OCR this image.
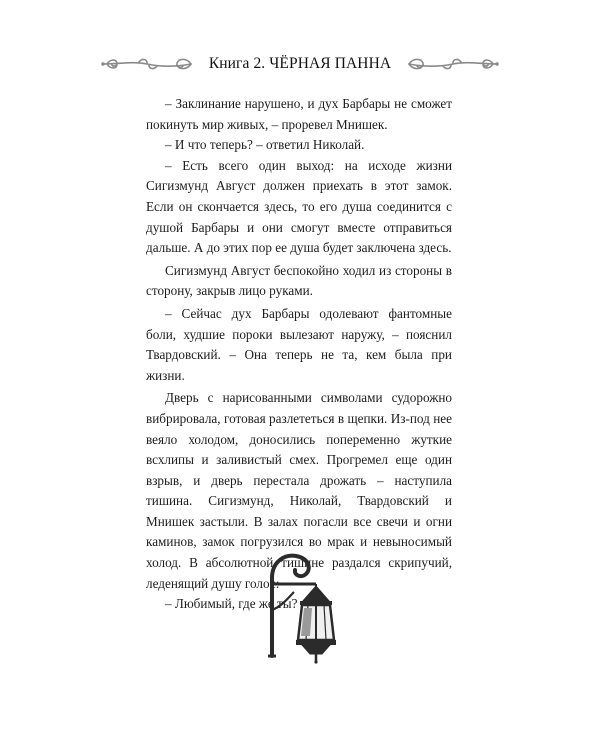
Книга 2. ЧЁРНАЯ ПАННА

– Заклинание нарушено, и дух Барбары не сможет покинуть мир живых, – проревел Мнишек.

– И что теперь? – ответил Николай.

– Есть всего один выход: на исходе жизни Сигизмунд Август должен приехать в этот замок. Если он скончается здесь, то его душа соединится с душой Барбары и они смогут вместе отправиться дальше. А до этих пор ее душа будет заключена здесь.

Сигизмунд Август беспокойно ходил из стороны в сторону, закрыв лицо руками.

– Сейчас дух Барбары одолевают фантомные боли, худшие пороки вылезают наружу, – пояснил Твардовский. – Она теперь не та, кем была при жизни.

Дверь с нарисованными символами судорожно вибрировала, готовая разлететься в щепки. Из-под нее веяло холодом, доносились попеременно жуткие всхлипы и заливистый смех. Прогремел еще один взрыв, и дверь перестала дрожать – наступила тишина. Сигизмунд, Николай, Твардовский и Мнишек застыли. В залах погасли все свечи и огни каминов, замок погрузился во мрак и невыносимый холод. В абсолютной тишине раздался скрипучий, леденящий душу голос:

– Любимый, где же ты?
